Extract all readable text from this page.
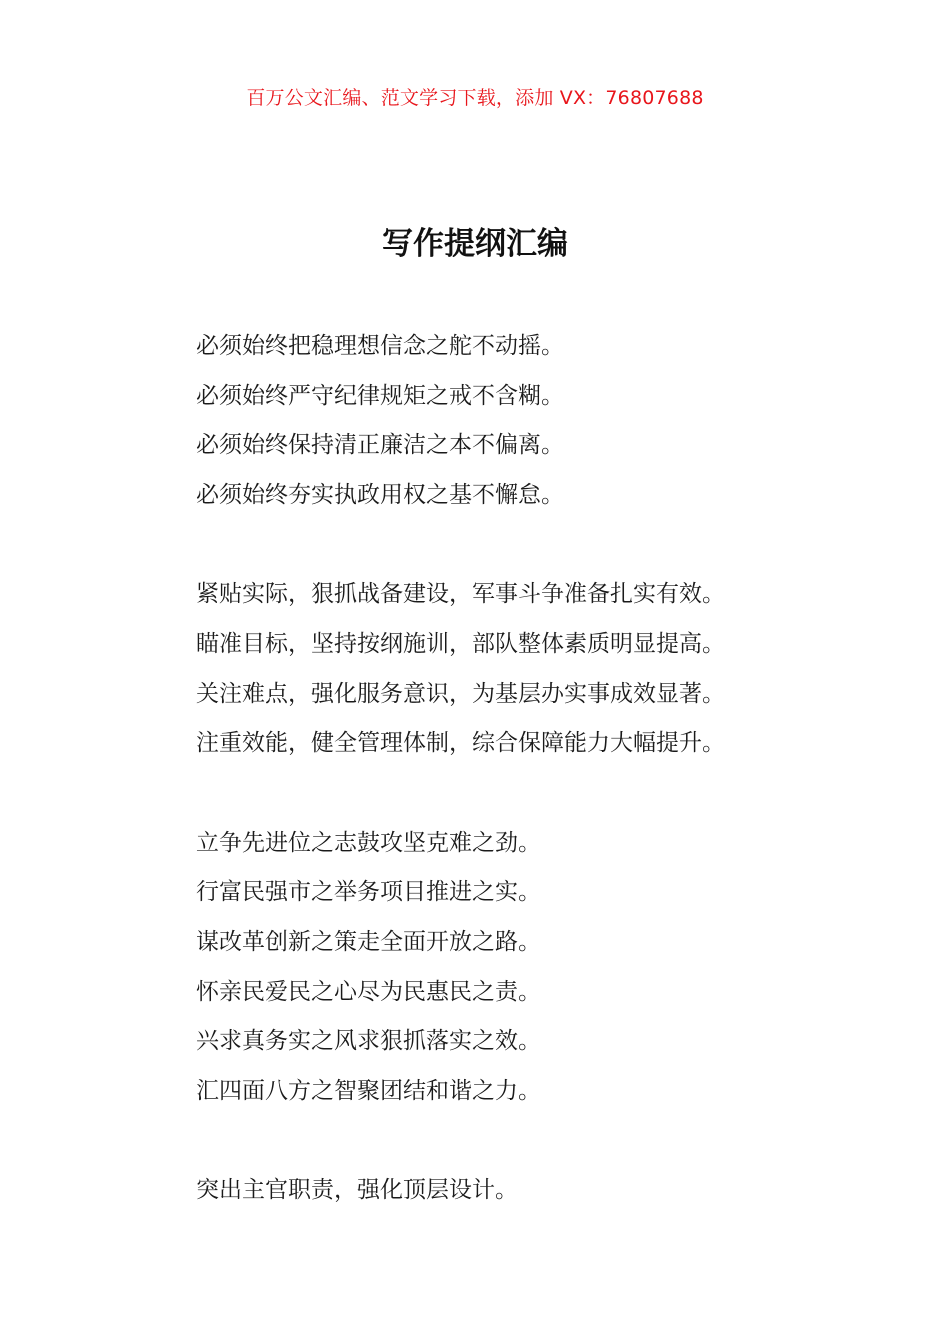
百万公文汇编、范文学习下载，添加 VX：76807688
写作提纲汇编
必须始终把稳理想信念之舵不动摇。
必须始终严守纪律规矩之戒不含糊。
必须始终保持清正廉洁之本不偏离。
必须始终夯实执政用权之基不懈怠。
紧贴实际，狠抓战备建设，军事斗争准备扎实有效。
瞄准目标，坚持按纲施训，部队整体素质明显提高。
关注难点，强化服务意识，为基层办实事成效显著。
注重效能，健全管理体制，综合保障能力大幅提升。
立争先进位之志鼓攻坚克难之劲。
行富民强市之举务项目推进之实。
谋改革创新之策走全面开放之路。
怀亲民爱民之心尽为民惠民之责。
兴求真务实之风求狠抓落实之效。
汇四面八方之智聚团结和谐之力。
突出主官职责，强化顶层设计。
